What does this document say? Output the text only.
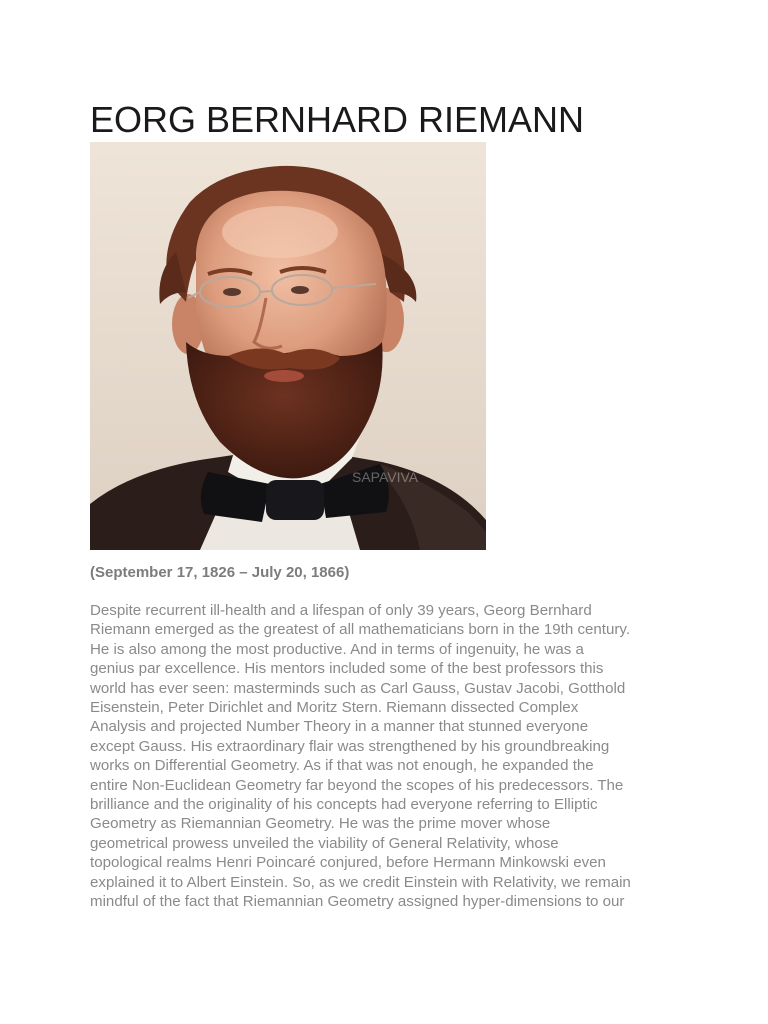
EORG BERNHARD RIEMANN
SAPAVIVA
(September 17, 1826 – July 20, 1866)
Despite recurrent ill-health and a lifespan of only 39 years, Georg Bernhard
Riemann emerged as the greatest of all mathematicians born in the 19th century.
He is also among the most productive. And in terms of ingenuity, he was a
genius par excellence. His mentors included some of the best professors this
world has ever seen: masterminds such as Carl Gauss, Gustav Jacobi, Gotthold
Eisenstein, Peter Dirichlet and Moritz Stern. Riemann dissected Complex
Analysis and projected Number Theory in a manner that stunned everyone
except Gauss. His extraordinary flair was strengthened by his groundbreaking
works on Differential Geometry. As if that was not enough, he expanded the
entire Non-Euclidean Geometry far beyond the scopes of his predecessors. The
brilliance and the originality of his concepts had everyone referring to Elliptic
Geometry as Riemannian Geometry. He was the prime mover whose
geometrical prowess unveiled the viability of General Relativity, whose
topological realms Henri Poincaré conjured, before Hermann Minkowski even
explained it to Albert Einstein. So, as we credit Einstein with Relativity, we remain
mindful of the fact that Riemannian Geometry assigned hyper-dimensions to our
